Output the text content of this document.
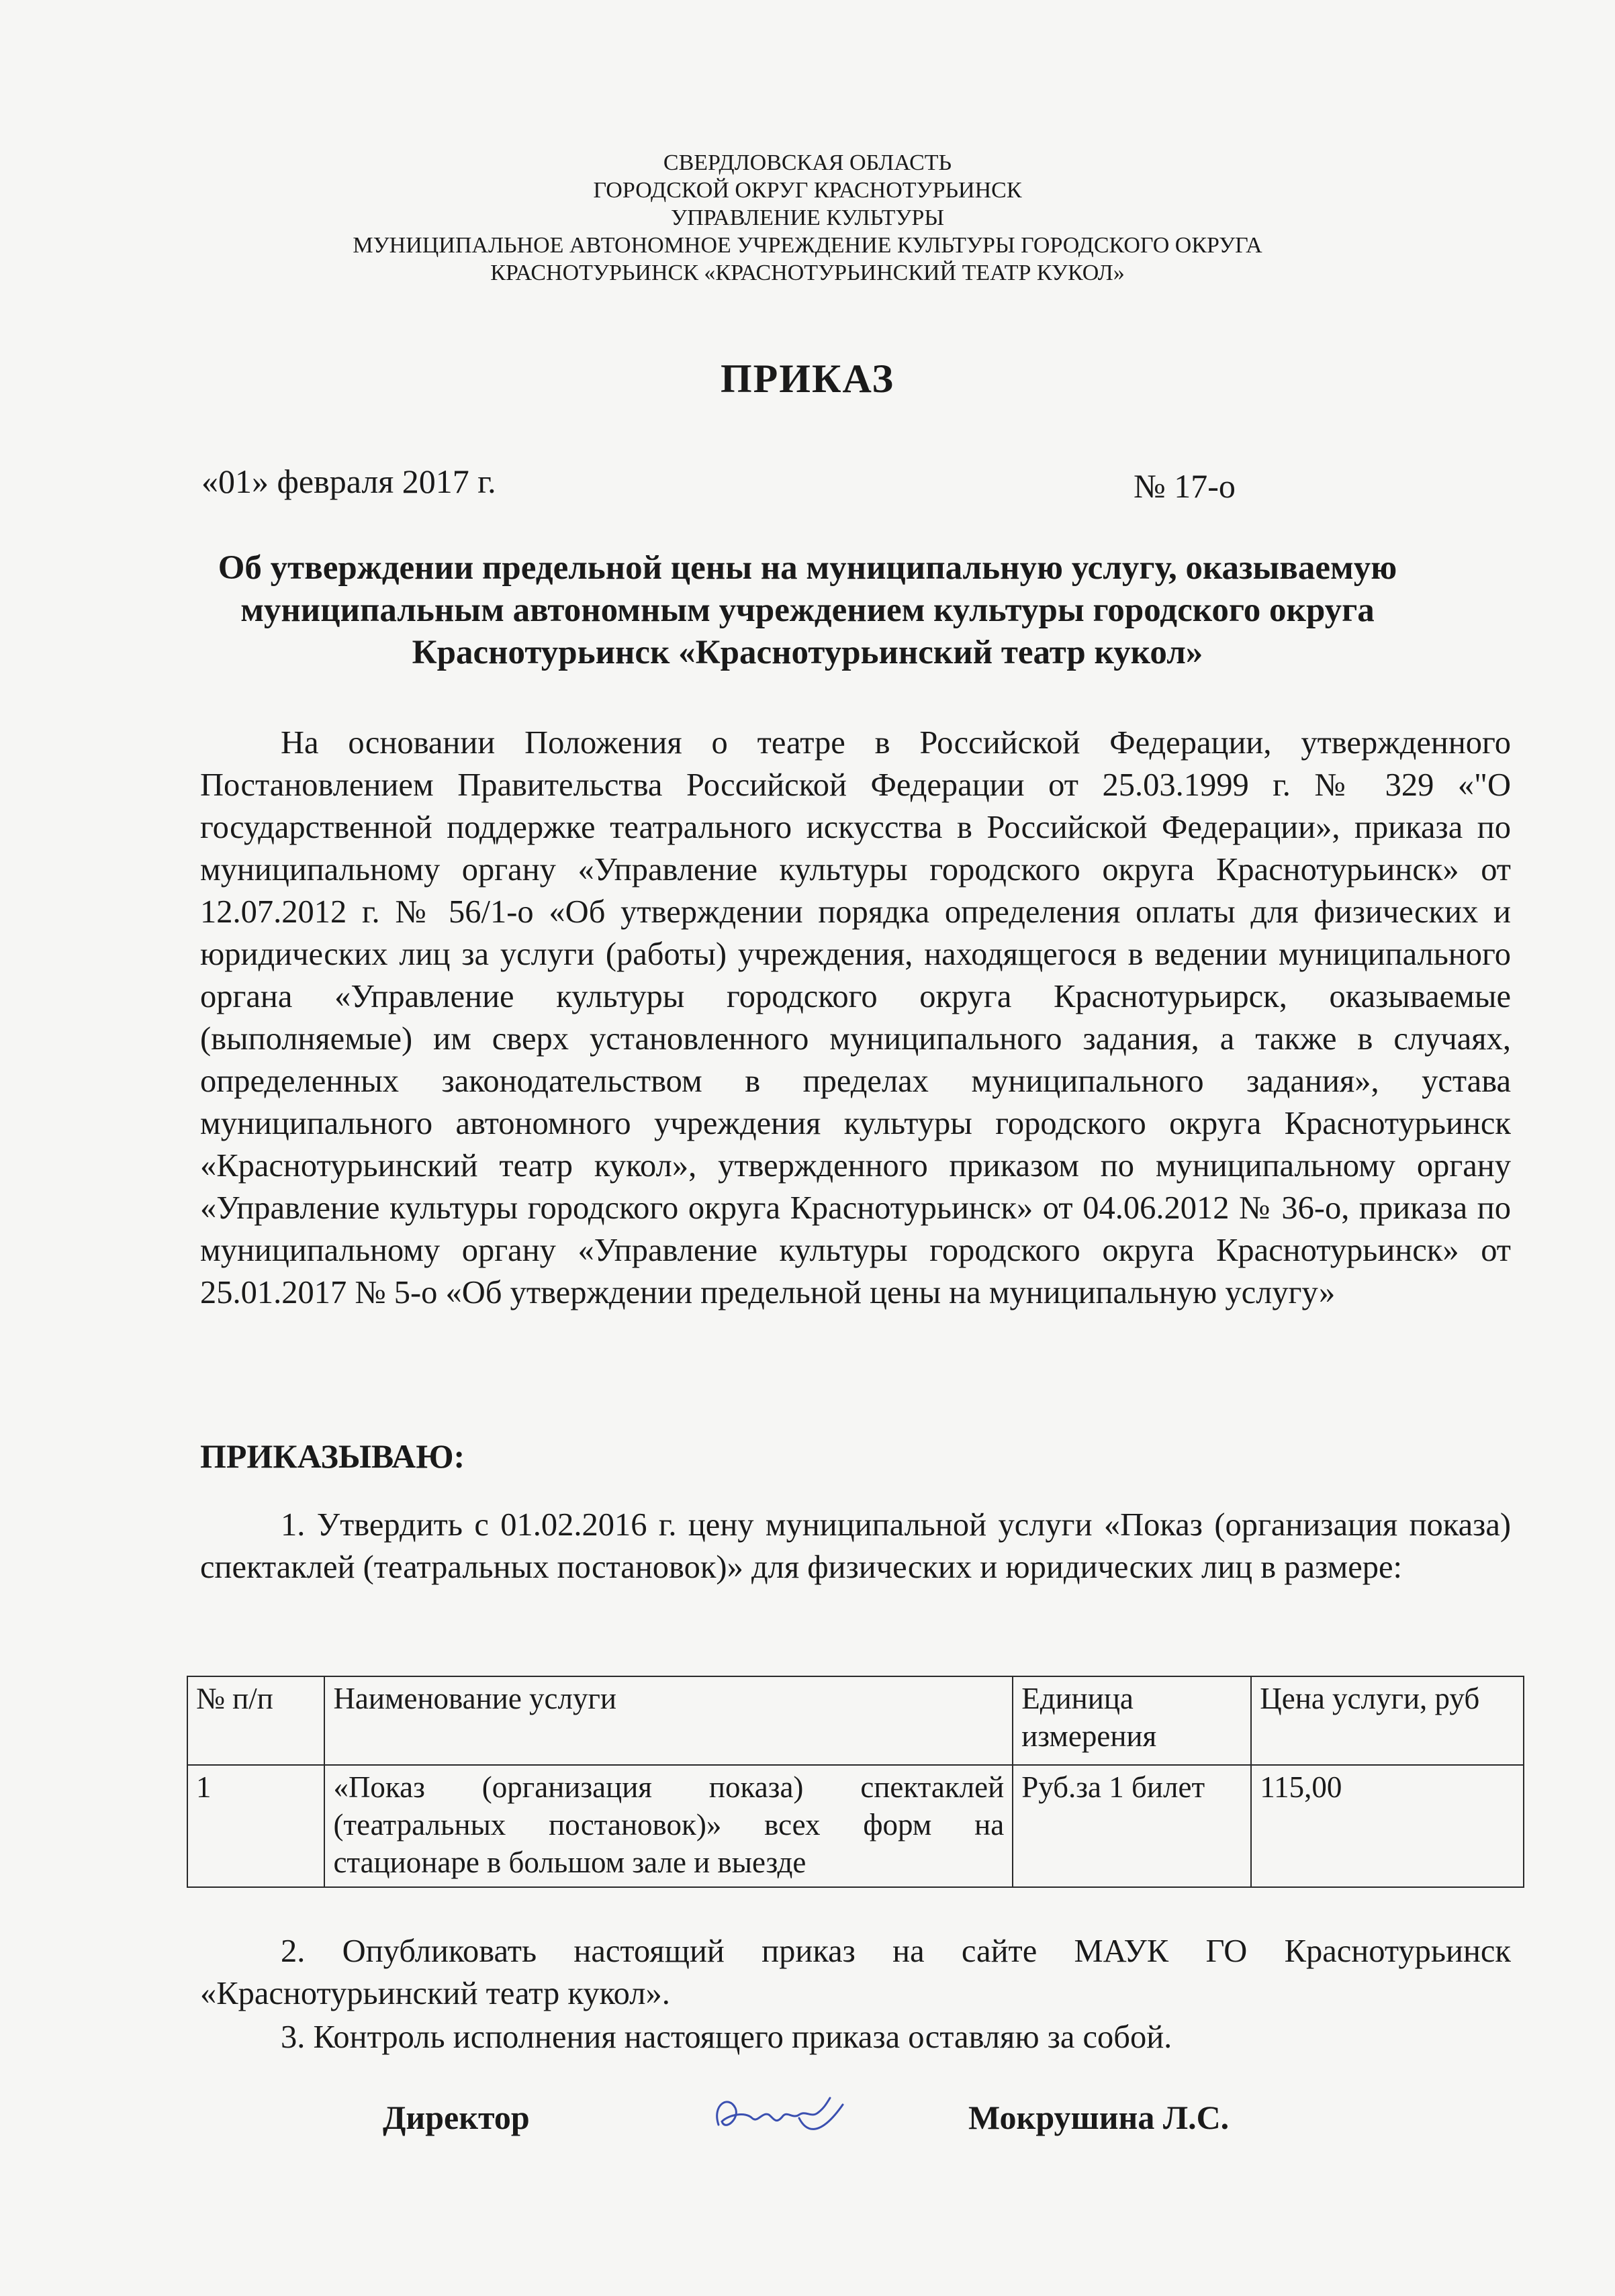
СВЕРДЛОВСКАЯ ОБЛАСТЬ
ГОРОДСКОЙ ОКРУГ КРАСНОТУРЬИНСК
УПРАВЛЕНИЕ КУЛЬТУРЫ
МУНИЦИПАЛЬНОЕ АВТОНОМНОЕ УЧРЕЖДЕНИЕ КУЛЬТУРЫ ГОРОДСКОГО ОКРУГА
КРАСНОТУРЬИНСК «КРАСНОТУРЬИНСКИЙ ТЕАТР КУКОЛ»
ПРИКАЗ
«01» февраля 2017 г.	№ 17-о
Об утверждении предельной цены на муниципальную услугу, оказываемую муниципальным автономным учреждением культуры городского округа Краснотурьинск «Краснотурьинский театр кукол»
На основании Положения о театре в Российской Федерации, утвержденного Постановлением Правительства Российской Федерации от 25.03.1999 г. № 329 «"О государственной поддержке театрального искусства в Российской Федерации», приказа по муниципальному органу «Управление культуры городского округа Краснотурьинск» от 12.07.2012 г. № 56/1-о «Об утверждении порядка определения оплаты для физических и юридических лиц за услуги (работы) учреждения, находящегося в ведении муниципального органа «Управление культуры городского округа Краснотурьирск, оказываемые (выполняемые) им сверх установленного муниципального задания, а также в случаях, определенных законодательством в пределах муниципального задания», устава муниципального автономного учреждения культуры городского округа Краснотурьинск «Краснотурьинский театр кукол», утвержденного приказом по муниципальному органу «Управление культуры городского округа Краснотурьинск» от 04.06.2012 № 36-о, приказа по муниципальному органу «Управление культуры городского округа Краснотурьинск» от 25.01.2017 № 5-о «Об утверждении предельной цены на муниципальную услугу»
ПРИКАЗЫВАЮ:
1. Утвердить с 01.02.2016 г. цену муниципальной услуги «Показ (организация показа) спектаклей (театральных постановок)» для физических и юридических лиц в размере:
№ п/п	Наименование услуги	Единица измерения	Цена услуги, руб
1	«Показ (организация показа) спектаклей (театральных постановок)» всех форм на стационаре в большом зале и выезде	Руб.за 1 билет	115,00
2. Опубликовать настоящий приказ на сайте МАУК ГО Краснотурьинск «Краснотурьинский театр кукол».
3. Контроль исполнения настоящего приказа оставляю за собой.
Директор	Мокрушина Л.С.
